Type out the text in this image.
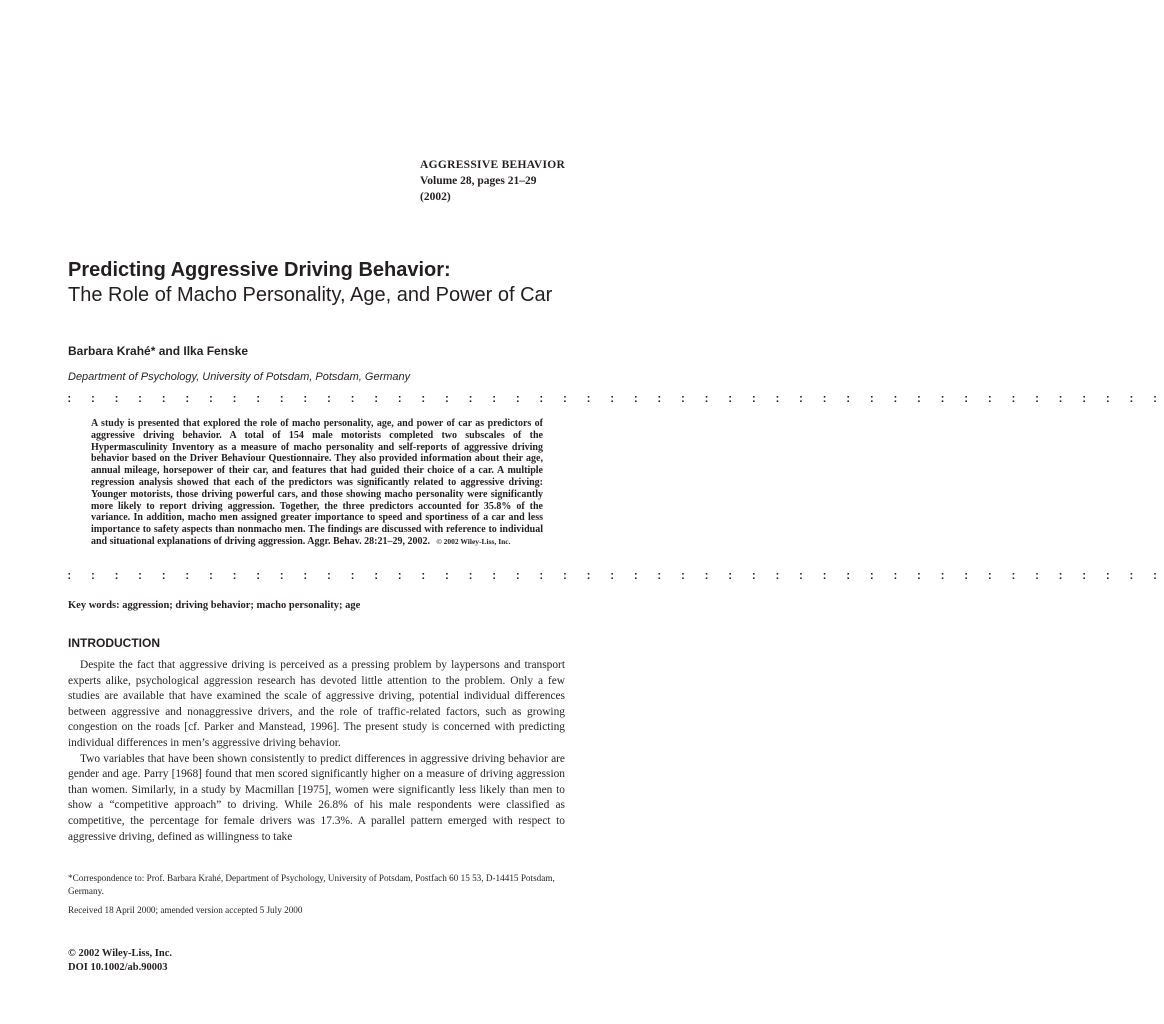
AGGRESSIVE BEHAVIOR
Volume 28, pages 21–29 (2002)
Predicting Aggressive Driving Behavior:
The Role of Macho Personality, Age, and Power of Car
Barbara Krahé* and Ilka Fenske
Department of Psychology, University of Potsdam, Potsdam, Germany
: : : : : : : : : : : : : : : : : : : : : : : : : : : : : : : : : : : : : : : : : : : : : : :
A study is presented that explored the role of macho personality, age, and power of car as predictors of aggressive driving behavior. A total of 154 male motorists completed two subscales of the Hypermasculinity Inventory as a measure of macho personality and self-reports of aggressive driving behavior based on the Driver Behaviour Questionnaire. They also provided information about their age, annual mileage, horsepower of their car, and features that had guided their choice of a car. A multiple regression analysis showed that each of the predictors was significantly related to aggressive driving: Younger motorists, those driving powerful cars, and those showing macho personality were significantly more likely to report driving aggression. Together, the three predictors accounted for 35.8% of the variance. In addition, macho men assigned greater importance to speed and sportiness of a car and less importance to safety aspects than nonmacho men. The findings are discussed with reference to individual and situational explanations of driving aggression. Aggr. Behav. 28:21–29, 2002. © 2002 Wiley-Liss, Inc.
: : : : : : : : : : : : : : : : : : : : : : : : : : : : : : : : : : : : : : : : : : : : : : :
Key words: aggression; driving behavior; macho personality; age
INTRODUCTION

Despite the fact that aggressive driving is perceived as a pressing problem by laypersons and transport experts alike, psychological aggression research has devoted little attention to the problem. Only a few studies are available that have examined the scale of aggressive driving, potential individual differences between aggressive and nonaggressive drivers, and the role of traffic-related factors, such as growing congestion on the roads [cf. Parker and Manstead, 1996]. The present study is concerned with predicting individual differences in men’s aggressive driving behavior.

Two variables that have been shown consistently to predict differences in aggressive driving behavior are gender and age. Parry [1968] found that men scored significantly higher on a measure of driving aggression than women. Similarly, in a study by Macmillan [1975], women were significantly less likely than men to show a “competitive approach” to driving. While 26.8% of his male respondents were classified as competitive, the percentage for female drivers was 17.3%. A parallel pattern emerged with respect to aggressive driving, defined as willingness to take

*Correspondence to: Prof. Barbara Krahé, Department of Psychology, University of Potsdam, Postfach 60 15 53, D-14415 Potsdam, Germany.
Received 18 April 2000; amended version accepted 5 July 2000
© 2002 Wiley-Liss, Inc.
DOI 10.1002/ab.90003
